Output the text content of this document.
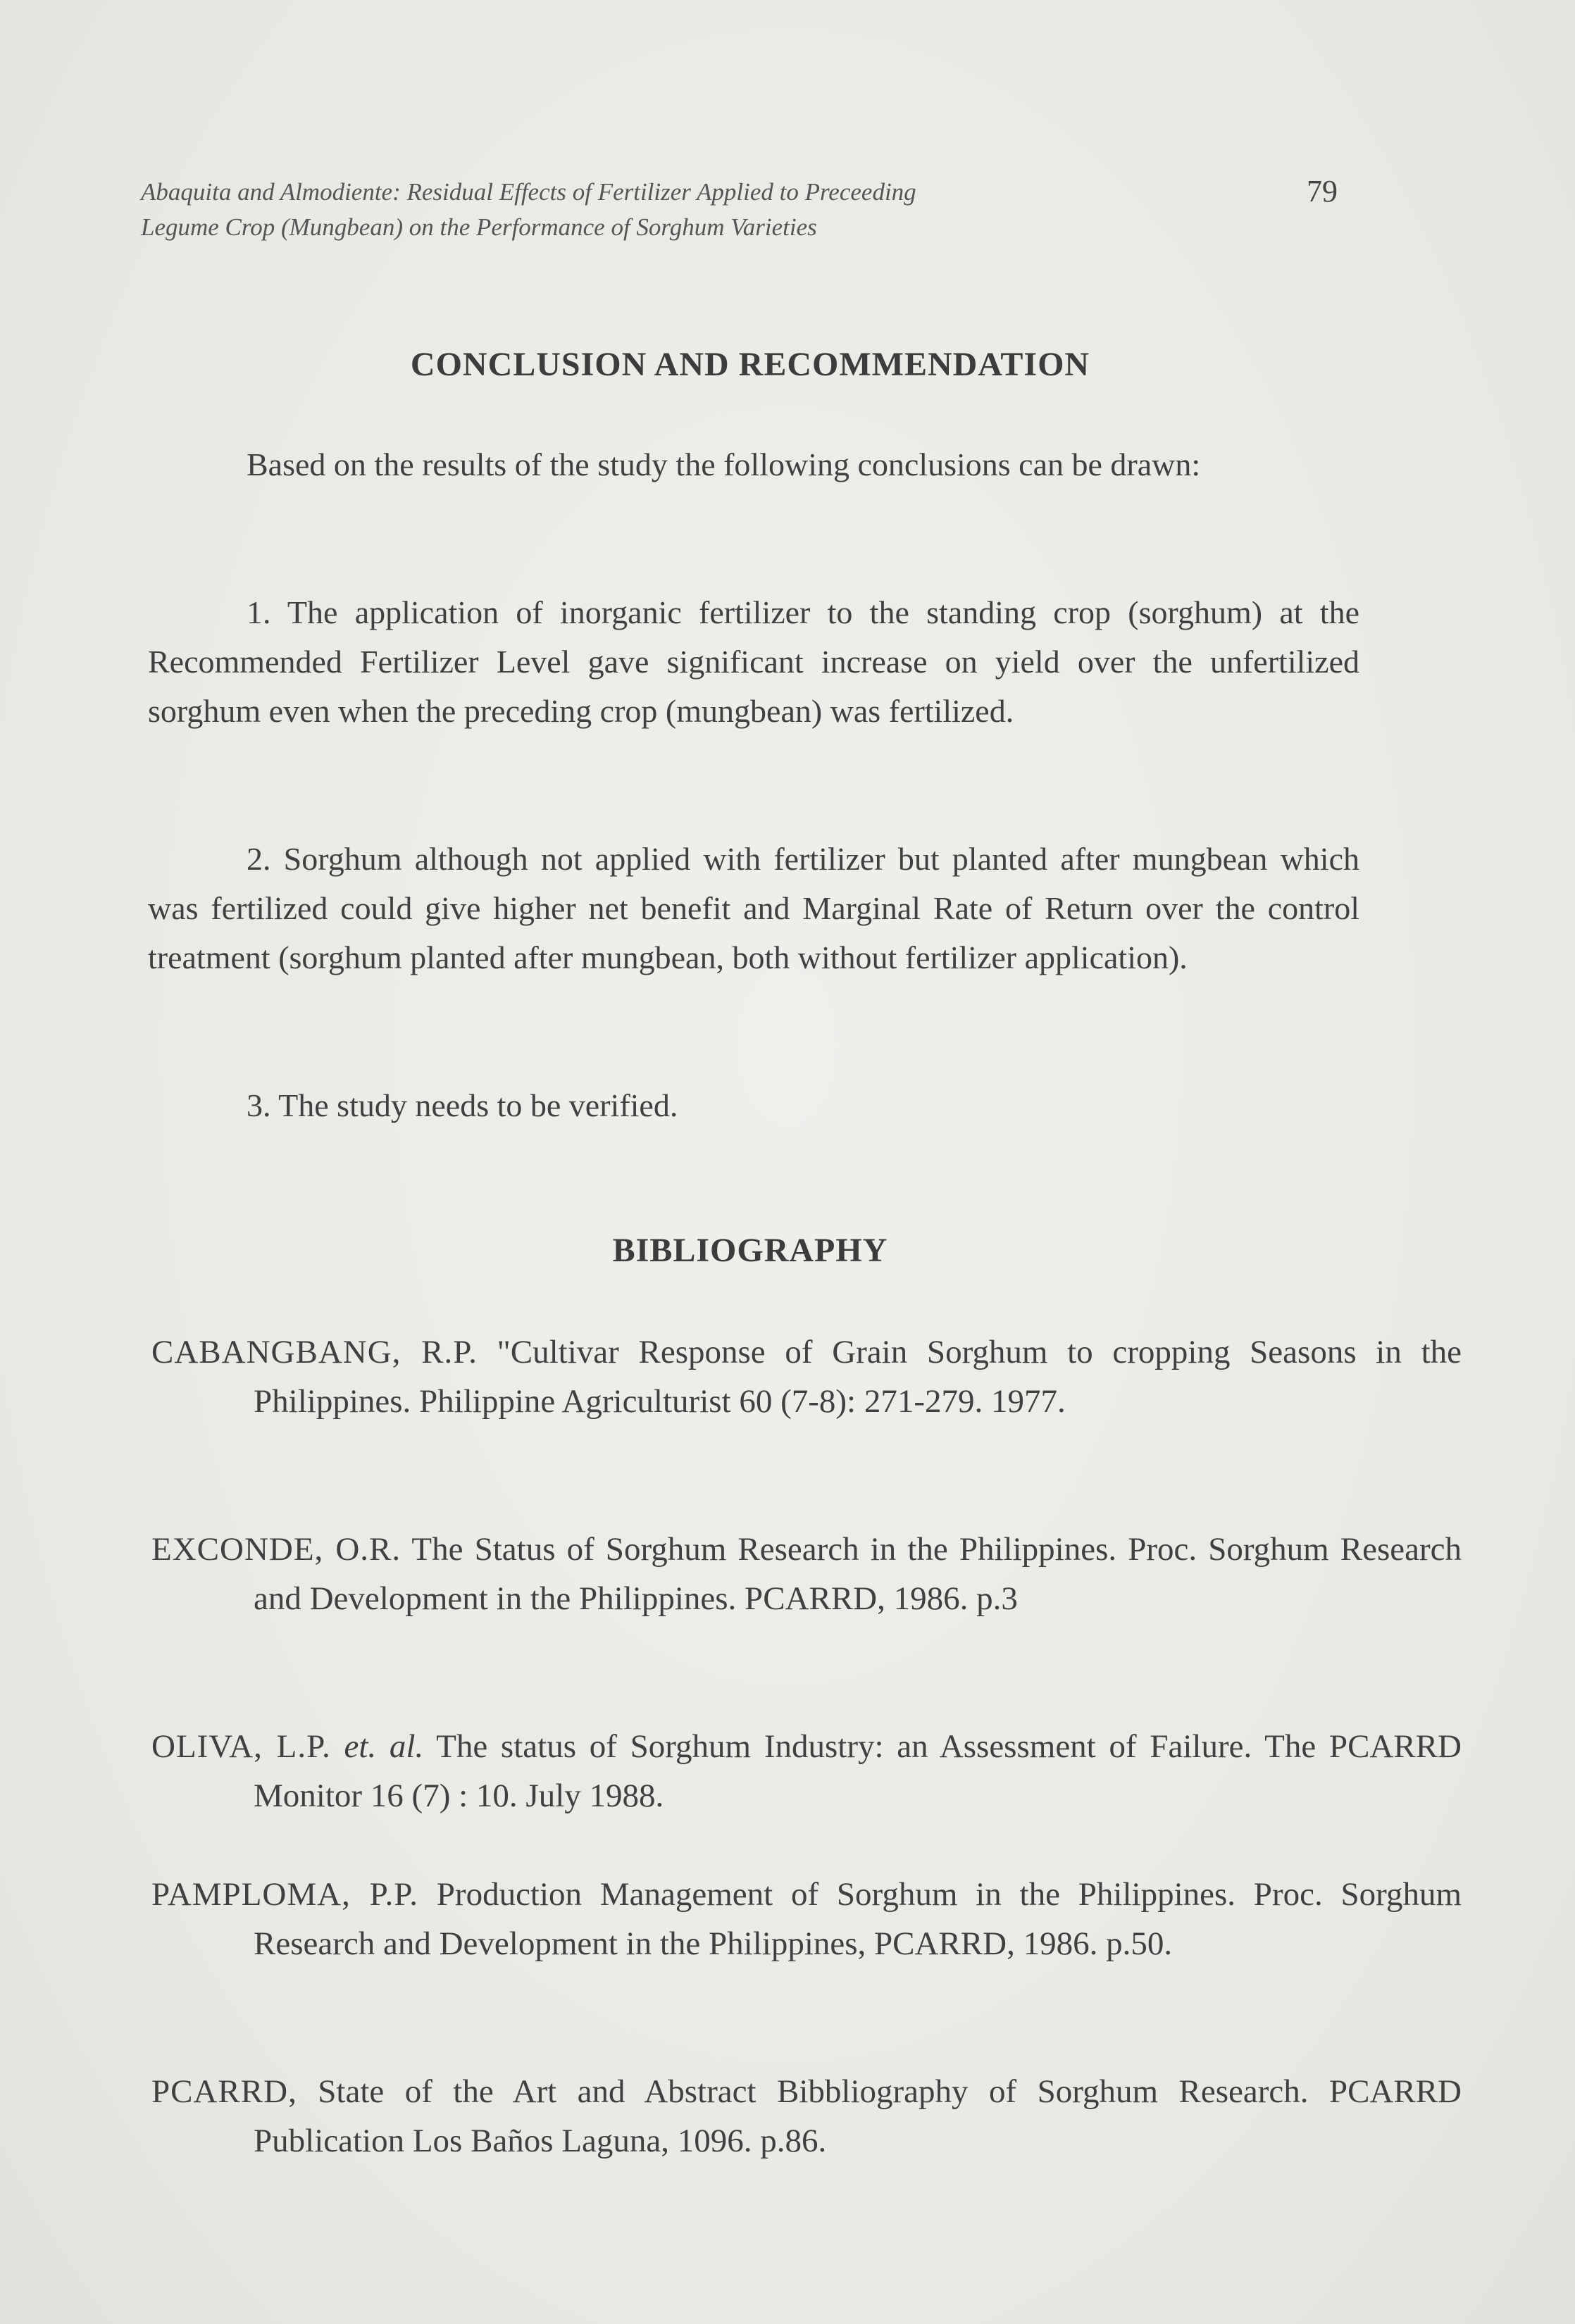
Abaquita and Almodiente: Residual Effects of Fertilizer Applied to Preceeding Legume Crop (Mungbean) on the Performance of Sorghum Varieties
79
CONCLUSION AND RECOMMENDATION
Based on the results of the study the following conclusions can be drawn:
1. The application of inorganic fertilizer to the standing crop (sorghum) at the Recommended Fertilizer Level gave significant increase on yield over the unfertilized sorghum even when the preceding crop (mungbean) was fertilized.
2. Sorghum although not applied with fertilizer but planted after mungbean which was fertilized could give higher net benefit and Marginal Rate of Return over the control treatment (sorghum planted after mungbean, both without fertilizer application).
3. The study needs to be verified.
BIBLIOGRAPHY
CABANGBANG, R.P. "Cultivar Response of Grain Sorghum to cropping Seasons in the Philippines. Philippine Agriculturist 60 (7-8): 271-279. 1977.
EXCONDE, O.R. The Status of Sorghum Research in the Philippines. Proc. Sorghum Research and Development in the Philippines. PCARRD, 1986. p.3
OLIVA, L.P. et. al. The status of Sorghum Industry: an Assessment of Failure. The PCARRD Monitor 16 (7) : 10. July 1988.
PAMPLOMA, P.P. Production Management of Sorghum in the Philippines. Proc. Sorghum Research and Development in the Philippines, PCARRD, 1986. p.50.
PCARRD, State of the Art and Abstract Bibbliography of Sorghum Research. PCARRD Publication Los Baños Laguna, 1096. p.86.
